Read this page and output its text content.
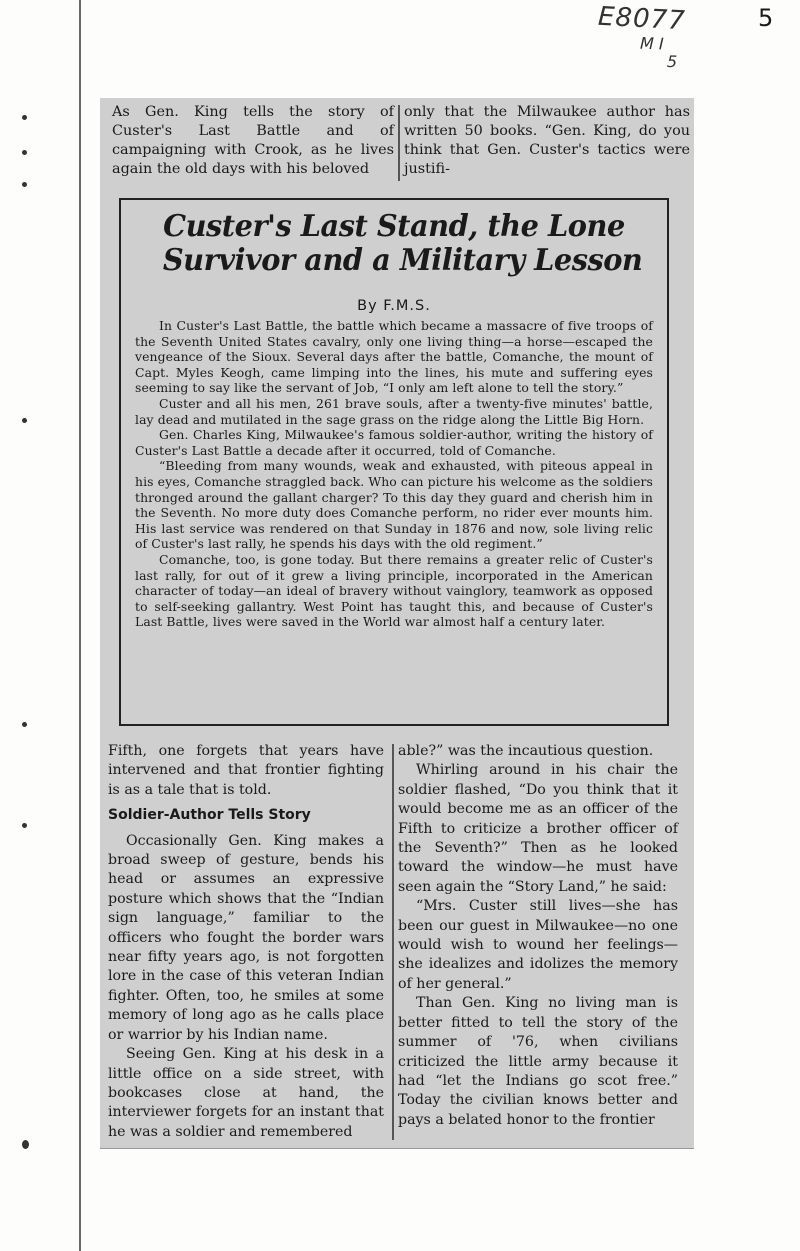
E8077
M I
5
5
As Gen. King tells the story of Custer's Last Battle and of campaigning with Crook, as he lives again the old days with his beloved
only that the Milwaukee author has written 50 books. “Gen. King, do you think that Gen. Custer's tactics were justifi-
Custer's Last Stand, the Lone
Survivor and a Military Lesson
By F.M.S.

In Custer's Last Battle, the battle which became a massacre of five troops of the Seventh United States cavalry, only one living thing—a horse—escaped the vengeance of the Sioux. Several days after the battle, Comanche, the mount of Capt. Myles Keogh, came limping into the lines, his mute and suffering eyes seeming to say like the servant of Job, “I only am left alone to tell the story.”

Custer and all his men, 261 brave souls, after a twenty-five minutes' battle, lay dead and mutilated in the sage grass on the ridge along the Little Big Horn.

Gen. Charles King, Milwaukee's famous soldier-author, writing the history of Custer's Last Battle a decade after it occurred, told of Comanche.

“Bleeding from many wounds, weak and exhausted, with piteous appeal in his eyes, Comanche straggled back. Who can picture his welcome as the soldiers thronged around the gallant charger? To this day they guard and cherish him in the Seventh. No more duty does Comanche perform, no rider ever mounts him. His last service was rendered on that Sunday in 1876 and now, sole living relic of Custer's last rally, he spends his days with the old regiment.”

Comanche, too, is gone today. But there remains a greater relic of Custer's last rally, for out of it grew a living principle, incorporated in the American character of today—an ideal of bravery without vainglory, teamwork as opposed to self-seeking gallantry. West Point has taught this, and because of Custer's Last Battle, lives were saved in the World war almost half a century later.

Fifth, one forgets that years have intervened and that frontier fighting is as a tale that is told.

Soldier-Author Tells Story

Occasionally Gen. King makes a broad sweep of gesture, bends his head or assumes an expressive posture which shows that the “Indian sign language,” familiar to the officers who fought the border wars near fifty years ago, is not forgotten lore in the case of this veteran Indian fighter. Often, too, he smiles at some memory of long ago as he calls place or warrior by his Indian name.

Seeing Gen. King at his desk in a little office on a side street, with bookcases close at hand, the interviewer forgets for an instant that he was a soldier and remembered

able?” was the incautious question.

Whirling around in his chair the soldier flashed, “Do you think that it would become me as an officer of the Fifth to criticize a brother officer of the Seventh?” Then as he looked toward the window—he must have seen again the “Story Land,” he said:

“Mrs. Custer still lives—she has been our guest in Milwaukee—no one would wish to wound her feelings—she idealizes and idolizes the memory of her general.”

Than Gen. King no living man is better fitted to tell the story of the summer of '76, when civilians criticized the little army because it had “let the Indians go scot free.” Today the civilian knows better and pays a belated honor to the frontier
